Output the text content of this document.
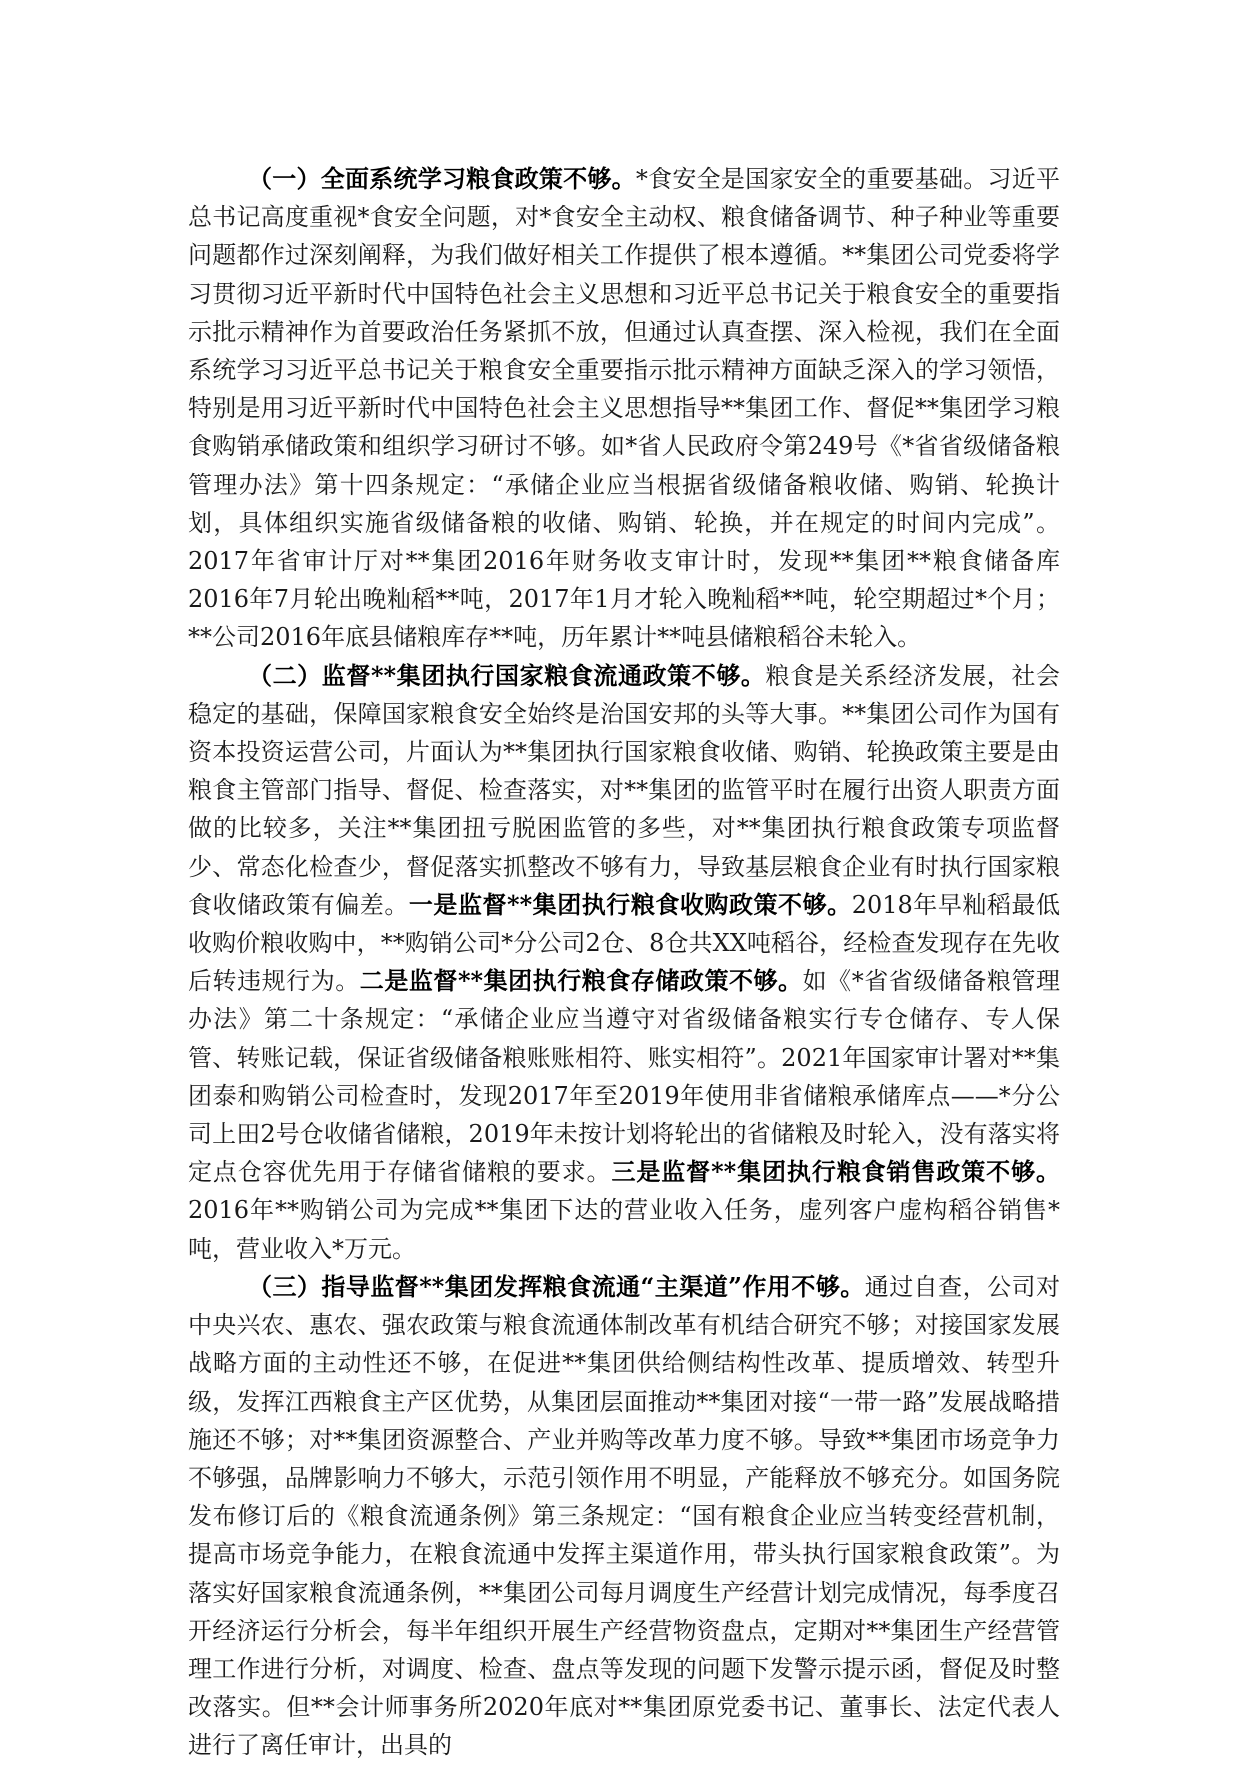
（一）全面系统学习粮食政策不够。*食安全是国家安全的重要基础。习近平总书记高度重视*食安全问题，对*食安全主动权、粮食储备调节、种子种业等重要问题都作过深刻阐释，为我们做好相关工作提供了根本遵循。**集团公司党委将学习贯彻习近平新时代中国特色社会主义思想和习近平总书记关于粮食安全的重要指示批示精神作为首要政治任务紧抓不放，但通过认真查摆、深入检视，我们在全面系统学习习近平总书记关于粮食安全重要指示批示精神方面缺乏深入的学习领悟，特别是用习近平新时代中国特色社会主义思想指导**集团工作、督促**集团学习粮食购销承储政策和组织学习研讨不够。如*省人民政府令第249号《*省省级储备粮管理办法》第十四条规定：“承储企业应当根据省级储备粮收储、购销、轮换计划，具体组织实施省级储备粮的收储、购销、轮换，并在规定的时间内完成”。2017年省审计厅对**集团2016年财务收支审计时，发现**集团**粮食储备库2016年7月轮出晚籼稻**吨，2017年1月才轮入晚籼稻**吨，轮空期超过*个月；**公司2016年底县储粮库存**吨，历年累计**吨县储粮稻谷未轮入。

（二）监督**集团执行国家粮食流通政策不够。粮食是关系经济发展，社会稳定的基础，保障国家粮食安全始终是治国安邦的头等大事。**集团公司作为国有资本投资运营公司，片面认为**集团执行国家粮食收储、购销、轮换政策主要是由粮食主管部门指导、督促、检查落实，对**集团的监管平时在履行出资人职责方面做的比较多，关注**集团扭亏脱困监管的多些，对**集团执行粮食政策专项监督少、常态化检查少，督促落实抓整改不够有力，导致基层粮食企业有时执行国家粮食收储政策有偏差。一是监督**集团执行粮食收购政策不够。2018年早籼稻最低收购价粮收购中，**购销公司*分公司2仓、8仓共XX吨稻谷，经检查发现存在先收后转违规行为。二是监督**集团执行粮食存储政策不够。如《*省省级储备粮管理办法》第二十条规定：“承储企业应当遵守对省级储备粮实行专仓储存、专人保管、转账记载，保证省级储备粮账账相符、账实相符”。2021年国家审计署对**集团泰和购销公司检查时，发现2017年至2019年使用非省储粮承储库点——*分公司上田2号仓收储省储粮，2019年未按计划将轮出的省储粮及时轮入，没有落实将定点仓容优先用于存储省储粮的要求。三是监督**集团执行粮食销售政策不够。2016年**购销公司为完成**集团下达的营业收入任务，虚列客户虚构稻谷销售*吨，营业收入*万元。

（三）指导监督**集团发挥粮食流通“主渠道”作用不够。通过自查，公司对中央兴农、惠农、强农政策与粮食流通体制改革有机结合研究不够；对接国家发展战略方面的主动性还不够，在促进**集团供给侧结构性改革、提质增效、转型升级，发挥江西粮食主产区优势，从集团层面推动**集团对接“一带一路”发展战略措施还不够；对**集团资源整合、产业并购等改革力度不够。导致**集团市场竞争力不够强，品牌影响力不够大，示范引领作用不明显，产能释放不够充分。如国务院发布修订后的《粮食流通条例》第三条规定：“国有粮食企业应当转变经营机制，提高市场竞争能力，在粮食流通中发挥主渠道作用，带头执行国家粮食政策”。为落实好国家粮食流通条例，**集团公司每月调度生产经营计划完成情况，每季度召开经济运行分析会，每半年组织开展生产经营物资盘点，定期对**集团生产经营管理工作进行分析，对调度、检查、盘点等发现的问题下发警示提示函，督促及时整改落实。但**会计师事务所2020年底对**集团原党委书记、董事长、法定代表人进行了离任审计，出具的
